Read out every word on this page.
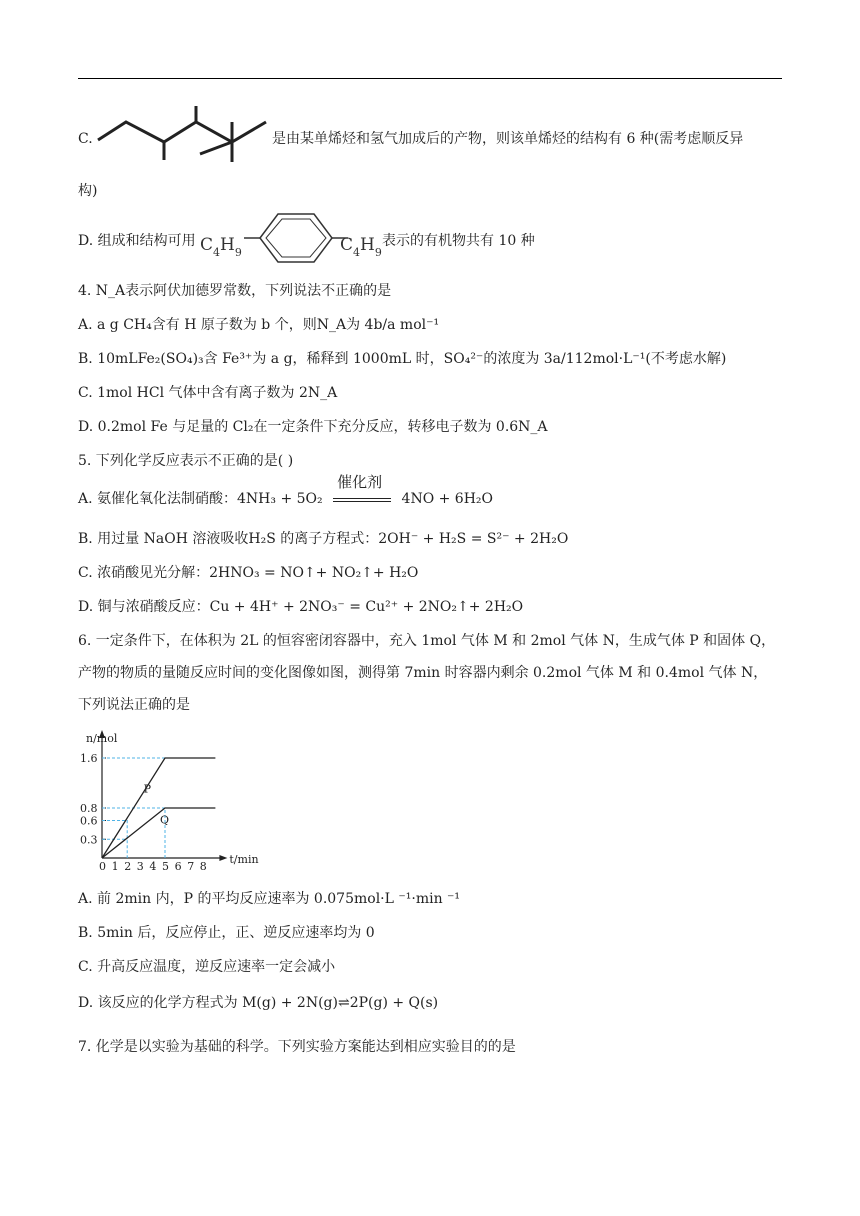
C.	是由某单烯烃和氢气加成后的产物，则该单烯烃的结构有 6 种(需考虑顺反异
构)
D. 组成和结构可用 $C_4H_9$	$C_4H_9$
表示的有机物共有 10 种
4. N_A表示阿伏加德罗常数，下列说法不正确的是
A. a g CH₄含有 H 原子数为 b 个，则N_A为 4b/a mol⁻¹
B. 10mLFe₂(SO₄)₃含 Fe³⁺为 a g，稀释到 1000mL 时，SO₄²⁻的浓度为 3a/112mol·L⁻¹(不考虑水解)
C. 1mol HCl 气体中含有离子数为 2N_A
D. 0.2mol Fe 与足量的 Cl₂在一定条件下充分反应，转移电子数为 0.6N_A
5. 下列化学反应表示不正确的是( )
A. 氨催化氧化法制硝酸：4NH₃ + 5O₂
催化剂
4NO + 6H₂O
B. 用过量 NaOH 溶液吸收H₂S 的离子方程式：2OH⁻ + H₂S = S²⁻ + 2H₂O
C. 浓硝酸见光分解：2HNO₃ = NO↑+ NO₂↑+ H₂O
D. 铜与浓硝酸反应：Cu + 4H⁺ + 2NO₃⁻ = Cu²⁺ + 2NO₂↑+ 2H₂O
6. 一定条件下，在体积为 2L 的恒容密闭容器中，充入 1mol 气体 M 和 2mol 气体 N，生成气体 P 和固体 Q，
产物的物质的量随反应时间的变化图像如图，测得第 7min 时容器内剩余 0.2mol 气体 M 和 0.4mol 气体 N，
下列说法正确的是
n/mol
t/min
0 1 2 3 4 5 6 7 8
0.3
0.6
0.8
1.6
P
Q
A. 前 2min 内，P 的平均反应速率为 0.075mol·L ⁻¹·min ⁻¹
B. 5min 后，反应停止，正、逆反应速率均为 0
C. 升高反应温度，逆反应速率一定会减小
D. 该反应的化学方程式为 M(g) + 2N(g)⇌2P(g) + Q(s)
7. 化学是以实验为基础的科学。下列实验方案能达到相应实验目的的是
